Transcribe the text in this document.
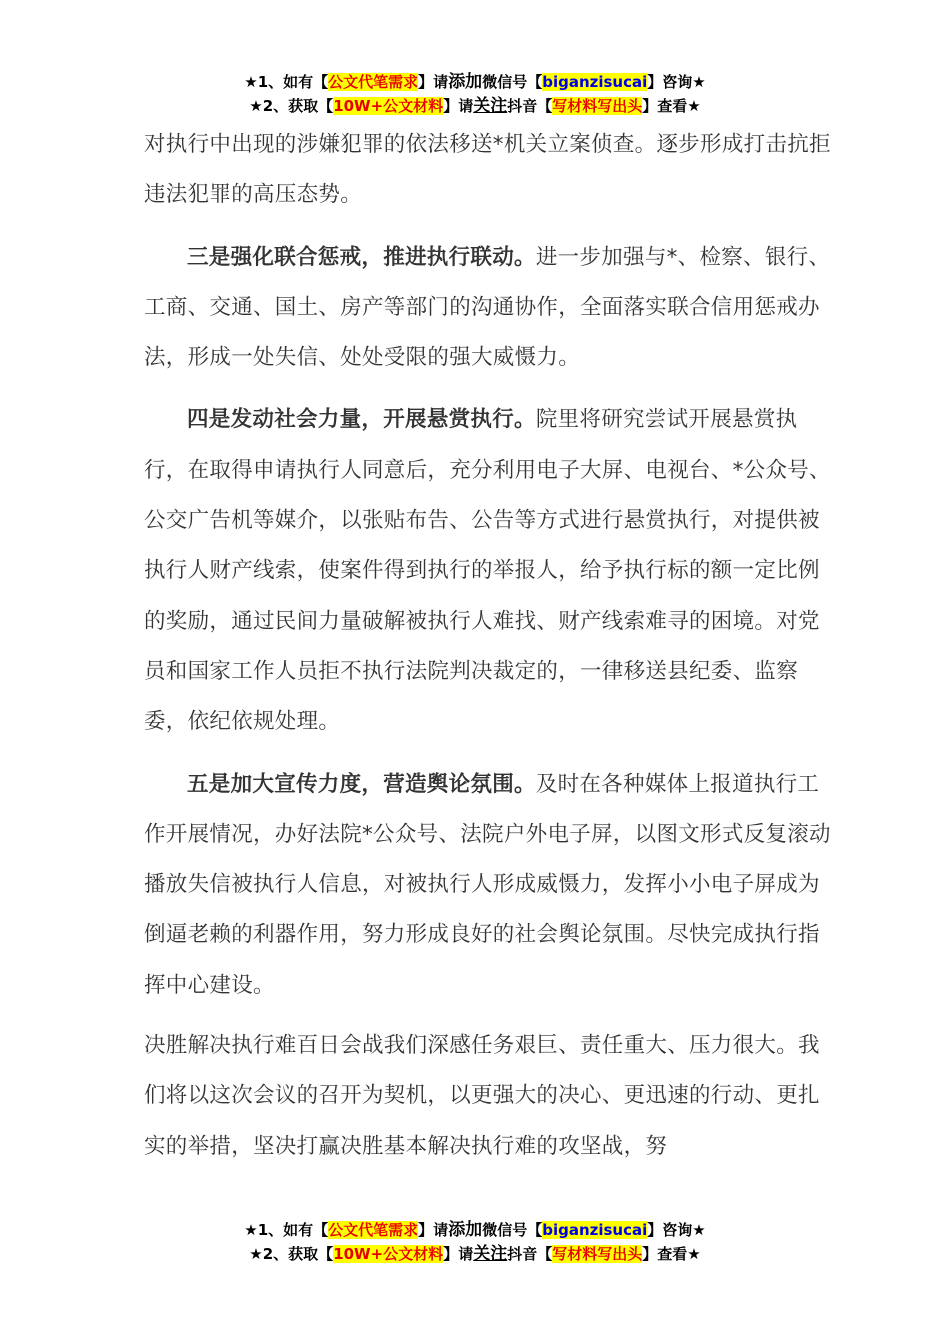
★1、如有【公文代笔需求】请添加微信号【biganzisucai】咨询★
★2、获取【10W+公文材料】请关注抖音【写材料写出头】查看★

对执行中出现的涉嫌犯罪的依法移送*机关立案侦查。逐步形成打击抗拒违法犯罪的高压态势。

三是强化联合惩戒，推进执行联动。进一步加强与*、检察、银行、工商、交通、国土、房产等部门的沟通协作，全面落实联合信用惩戒办法，形成一处失信、处处受限的强大威慑力。

四是发动社会力量，开展悬赏执行。院里将研究尝试开展悬赏执行，在取得申请执行人同意后，充分利用电子大屏、电视台、*公众号、公交广告机等媒介，以张贴布告、公告等方式进行悬赏执行，对提供被执行人财产线索，使案件得到执行的举报人，给予执行标的额一定比例的奖励，通过民间力量破解被执行人难找、财产线索难寻的困境。对党员和国家工作人员拒不执行法院判决裁定的，一律移送县纪委、监察委，依纪依规处理。

五是加大宣传力度，营造舆论氛围。及时在各种媒体上报道执行工作开展情况，办好法院*公众号、法院户外电子屏，以图文形式反复滚动播放失信被执行人信息，对被执行人形成威慑力，发挥小小电子屏成为倒逼老赖的利器作用，努力形成良好的社会舆论氛围。尽快完成执行指挥中心建设。

决胜解决执行难百日会战我们深感任务艰巨、责任重大、压力很大。我们将以这次会议的召开为契机，以更强大的决心、更迅速的行动、更扎实的举措，坚决打赢决胜基本解决执行难的攻坚战，努

★1、如有【公文代笔需求】请添加微信号【biganzisucai】咨询★
★2、获取【10W+公文材料】请关注抖音【写材料写出头】查看★
